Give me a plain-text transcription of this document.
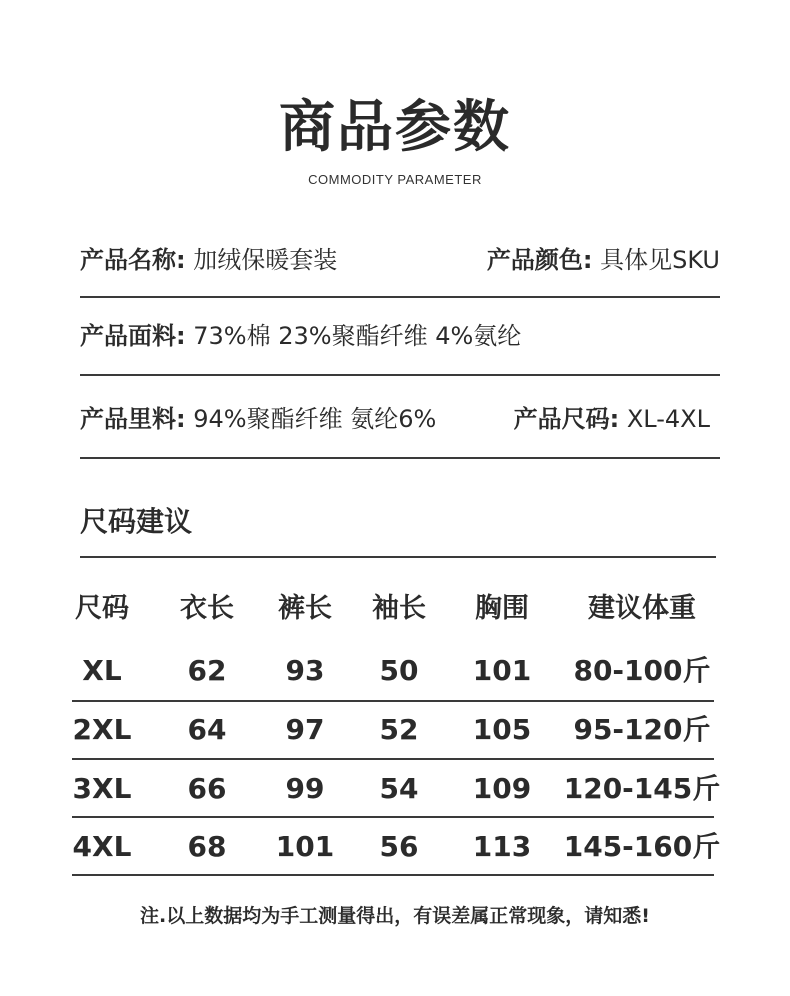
商品参数
COMMODITY PARAMETER
产品名称: 加绒保暖套装	产品颜色: 具体见SKU
产品面料: 73%棉 23%聚酯纤维 4%氨纶
产品里料: 94%聚酯纤维 氨纶6%	产品尺码: XL-4XL
尺码建议
尺码 衣长 裤长 袖长	胸围	建议体重
XL	62	93	50	101	80-100斤
2XL	64	97	52	105	95-120斤
3XL	66	99	54	109	120-145斤
4XL	68	101	56	113	145-160斤
注.以上数据均为手工测量得出，有误差属正常现象，请知悉!
